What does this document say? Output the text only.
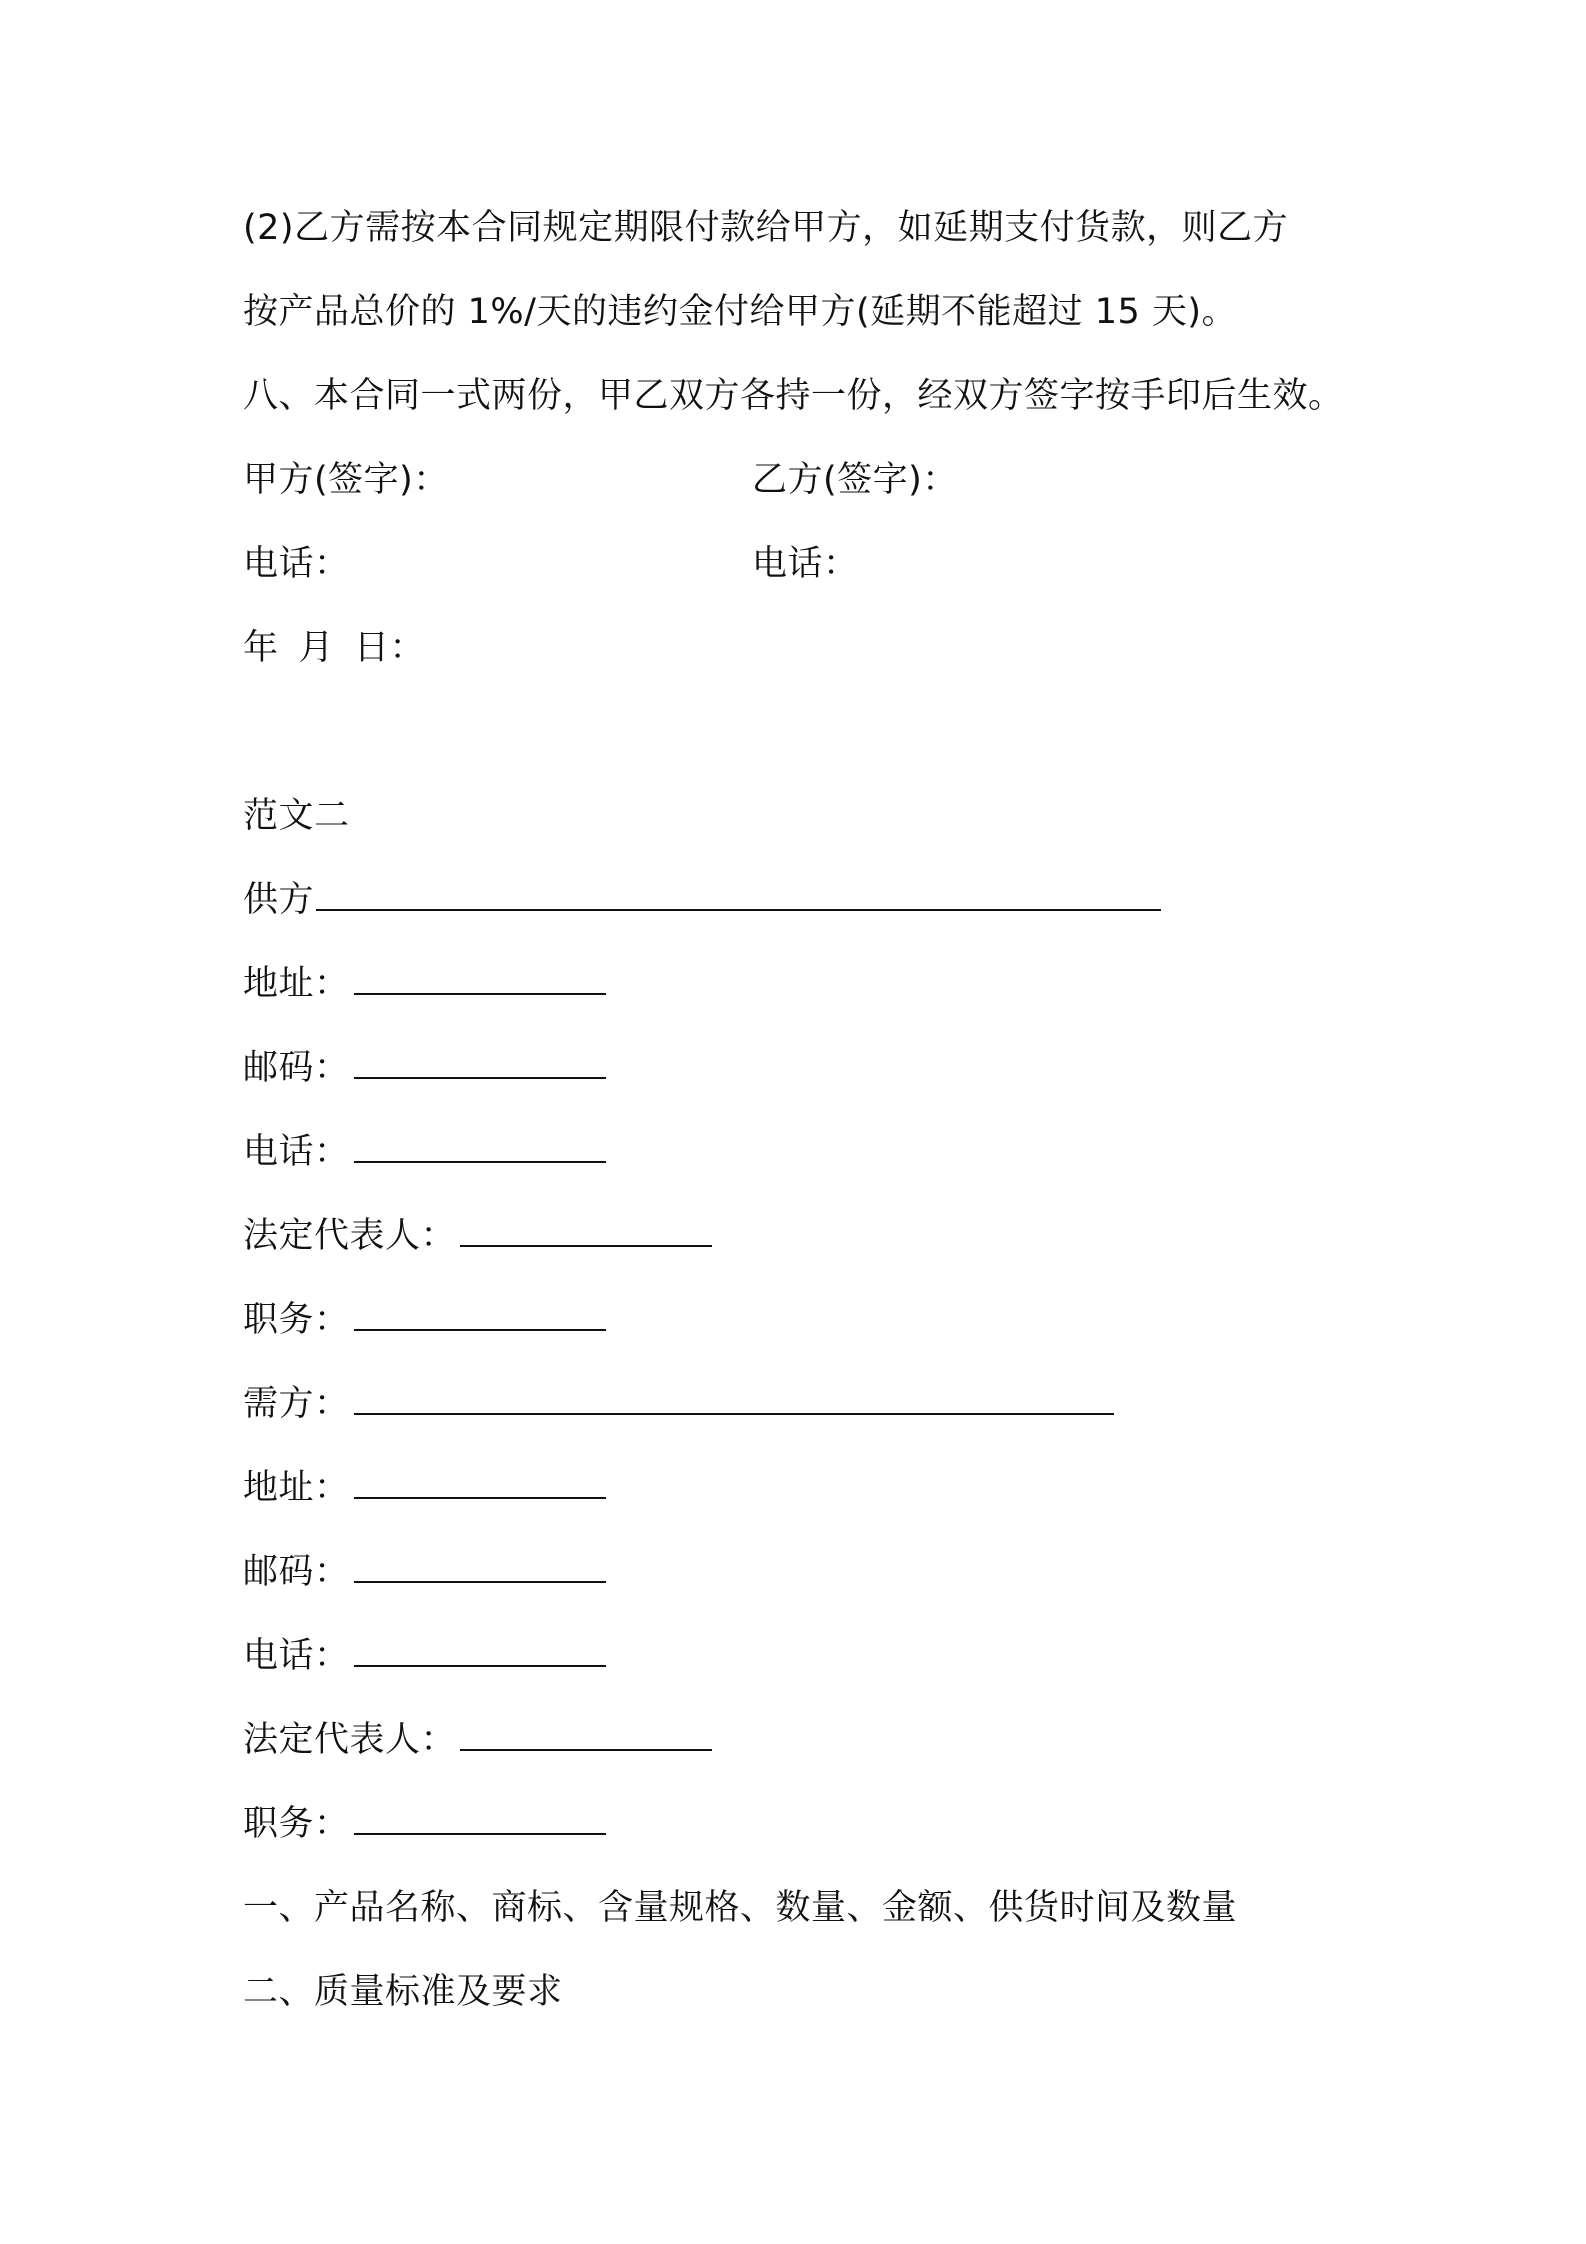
(2)乙方需按本合同规定期限付款给甲方，如延期支付货款，则乙方
按产品总价的 1%/天的违约金付给甲方(延期不能超过 15 天)。
八、本合同一式两份，甲乙双方各持一份，经双方签字按手印后生效。
甲方(签字)：	乙方(签字)：
电话：	电话：
年 月 日：
范文二
供方
地址：
邮码：
电话：
法定代表人：
职务：
需方：
地址：
邮码：
电话：
法定代表人：
职务：
一、产品名称、商标、含量规格、数量、金额、供货时间及数量
二、质量标准及要求
